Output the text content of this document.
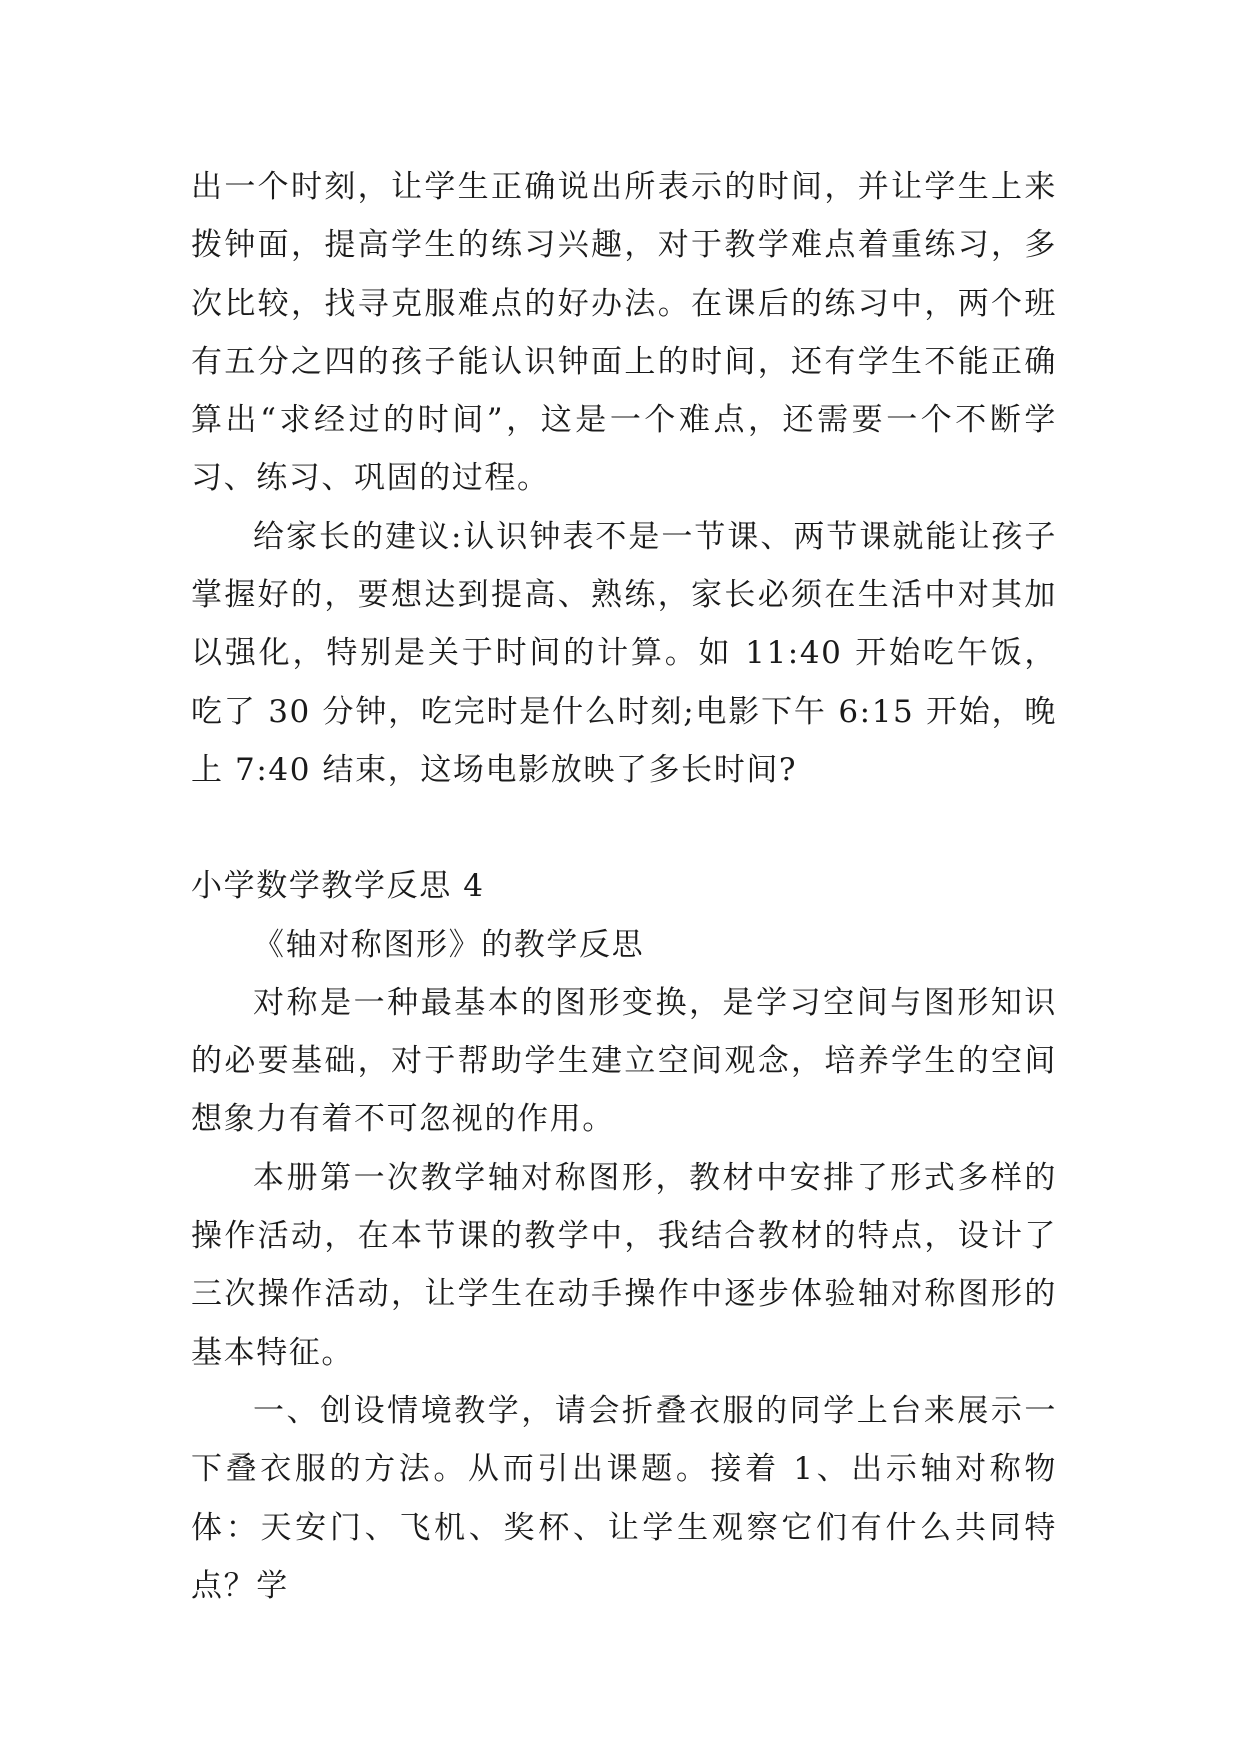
出一个时刻，让学生正确说出所表示的时间，并让学生上来拨钟面，提高学生的练习兴趣，对于教学难点着重练习，多次比较，找寻克服难点的好办法。在课后的练习中，两个班有五分之四的孩子能认识钟面上的时间，还有学生不能正确算出“求经过的时间”，这是一个难点，还需要一个不断学习、练习、巩固的过程。

给家长的建议:认识钟表不是一节课、两节课就能让孩子掌握好的，要想达到提高、熟练，家长必须在生活中对其加以强化，特别是关于时间的计算。如 11:40 开始吃午饭，吃了 30 分钟，吃完时是什么时刻;电影下午 6:15 开始，晚上 7:40 结束，这场电影放映了多长时间?

小学数学教学反思 4

《轴对称图形》的教学反思

对称是一种最基本的图形变换，是学习空间与图形知识的必要基础，对于帮助学生建立空间观念，培养学生的空间想象力有着不可忽视的作用。

本册第一次教学轴对称图形，教材中安排了形式多样的操作活动，在本节课的教学中，我结合教材的特点，设计了三次操作活动，让学生在动手操作中逐步体验轴对称图形的基本特征。

一、创设情境教学，请会折叠衣服的同学上台来展示一下叠衣服的方法。从而引出课题。接着 1、出示轴对称物体：天安门、飞机、奖杯、让学生观察它们有什么共同特点？学
